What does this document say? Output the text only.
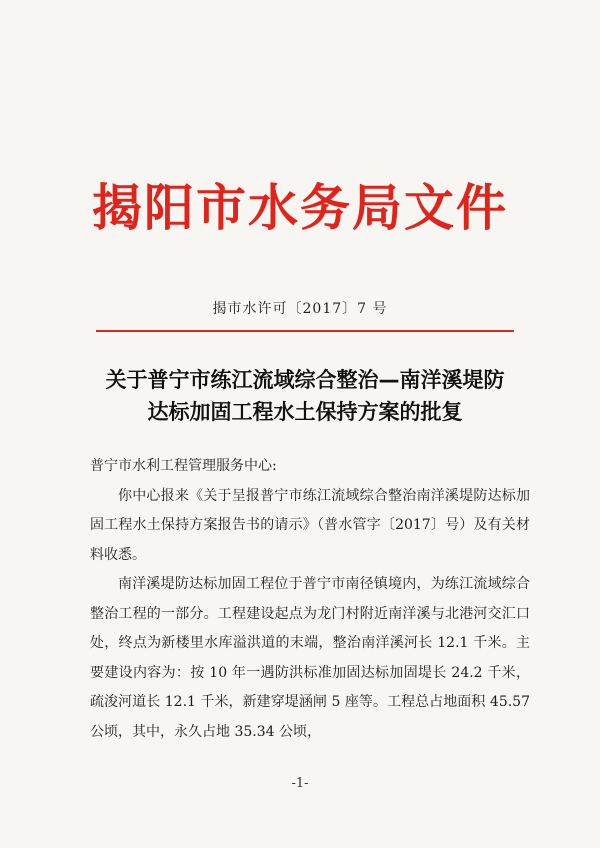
揭阳市水务局文件
揭市水许可〔2017〕7 号
关于普宁市练江流域综合整治—南洋溪堤防
达标加固工程水土保持方案的批复

普宁市水利工程管理服务中心:

你中心报来《关于呈报普宁市练江流域综合整治南洋溪堤防达标加固工程水土保持方案报告书的请示》（普水管字〔2017〕号）及有关材料收悉。

南洋溪堤防达标加固工程位于普宁市南径镇境内，为练江流域综合整治工程的一部分。工程建设起点为龙门村附近南洋溪与北港河交汇口处，终点为新楼里水库溢洪道的末端，整治南洋溪河长 12.1 千米。主要建设内容为：按 10 年一遇防洪标准加固达标加固堤长 24.2 千米，疏浚河道长 12.1 千米，新建穿堤涵闸 5 座等。工程总占地面积 45.57 公顷，其中，永久占地 35.34 公顷，

-1-
